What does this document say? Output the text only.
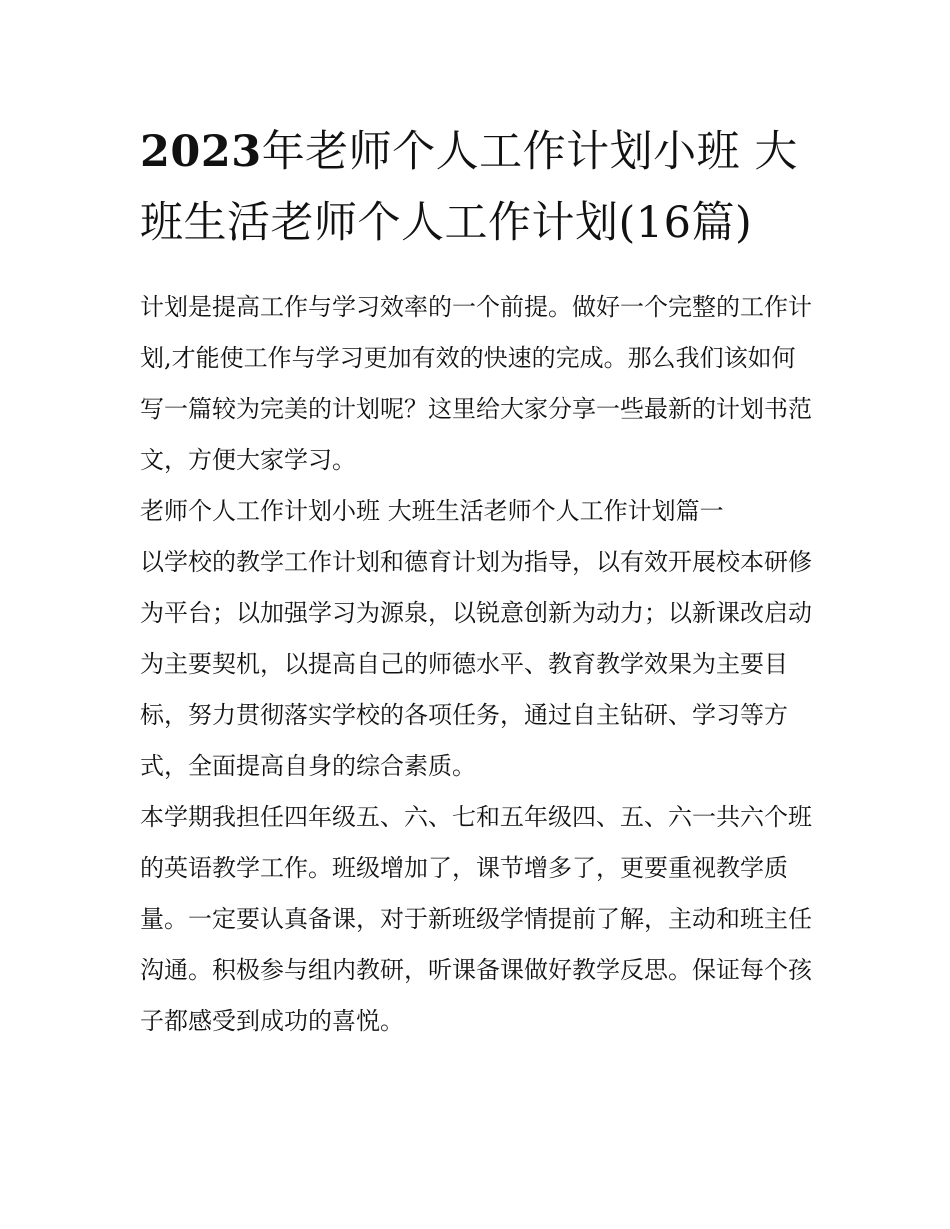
2023年老师个人工作计划小班 大班生活老师个人工作计划(16篇)

计划是提高工作与学习效率的一个前提。做好一个完整的工作计划,才能使工作与学习更加有效的快速的完成。那么我们该如何写一篇较为完美的计划呢？这里给大家分享一些最新的计划书范文，方便大家学习。

老师个人工作计划小班 大班生活老师个人工作计划篇一

以学校的教学工作计划和德育计划为指导，以有效开展校本研修为平台；以加强学习为源泉，以锐意创新为动力；以新课改启动为主要契机，以提高自己的师德水平、教育教学效果为主要目标，努力贯彻落实学校的各项任务，通过自主钻研、学习等方式，全面提高自身的综合素质。

本学期我担任四年级五、六、七和五年级四、五、六一共六个班的英语教学工作。班级增加了，课节增多了，更要重视教学质量。一定要认真备课，对于新班级学情提前了解，主动和班主任沟通。积极参与组内教研，听课备课做好教学反思。保证每个孩子都感受到成功的喜悦。
